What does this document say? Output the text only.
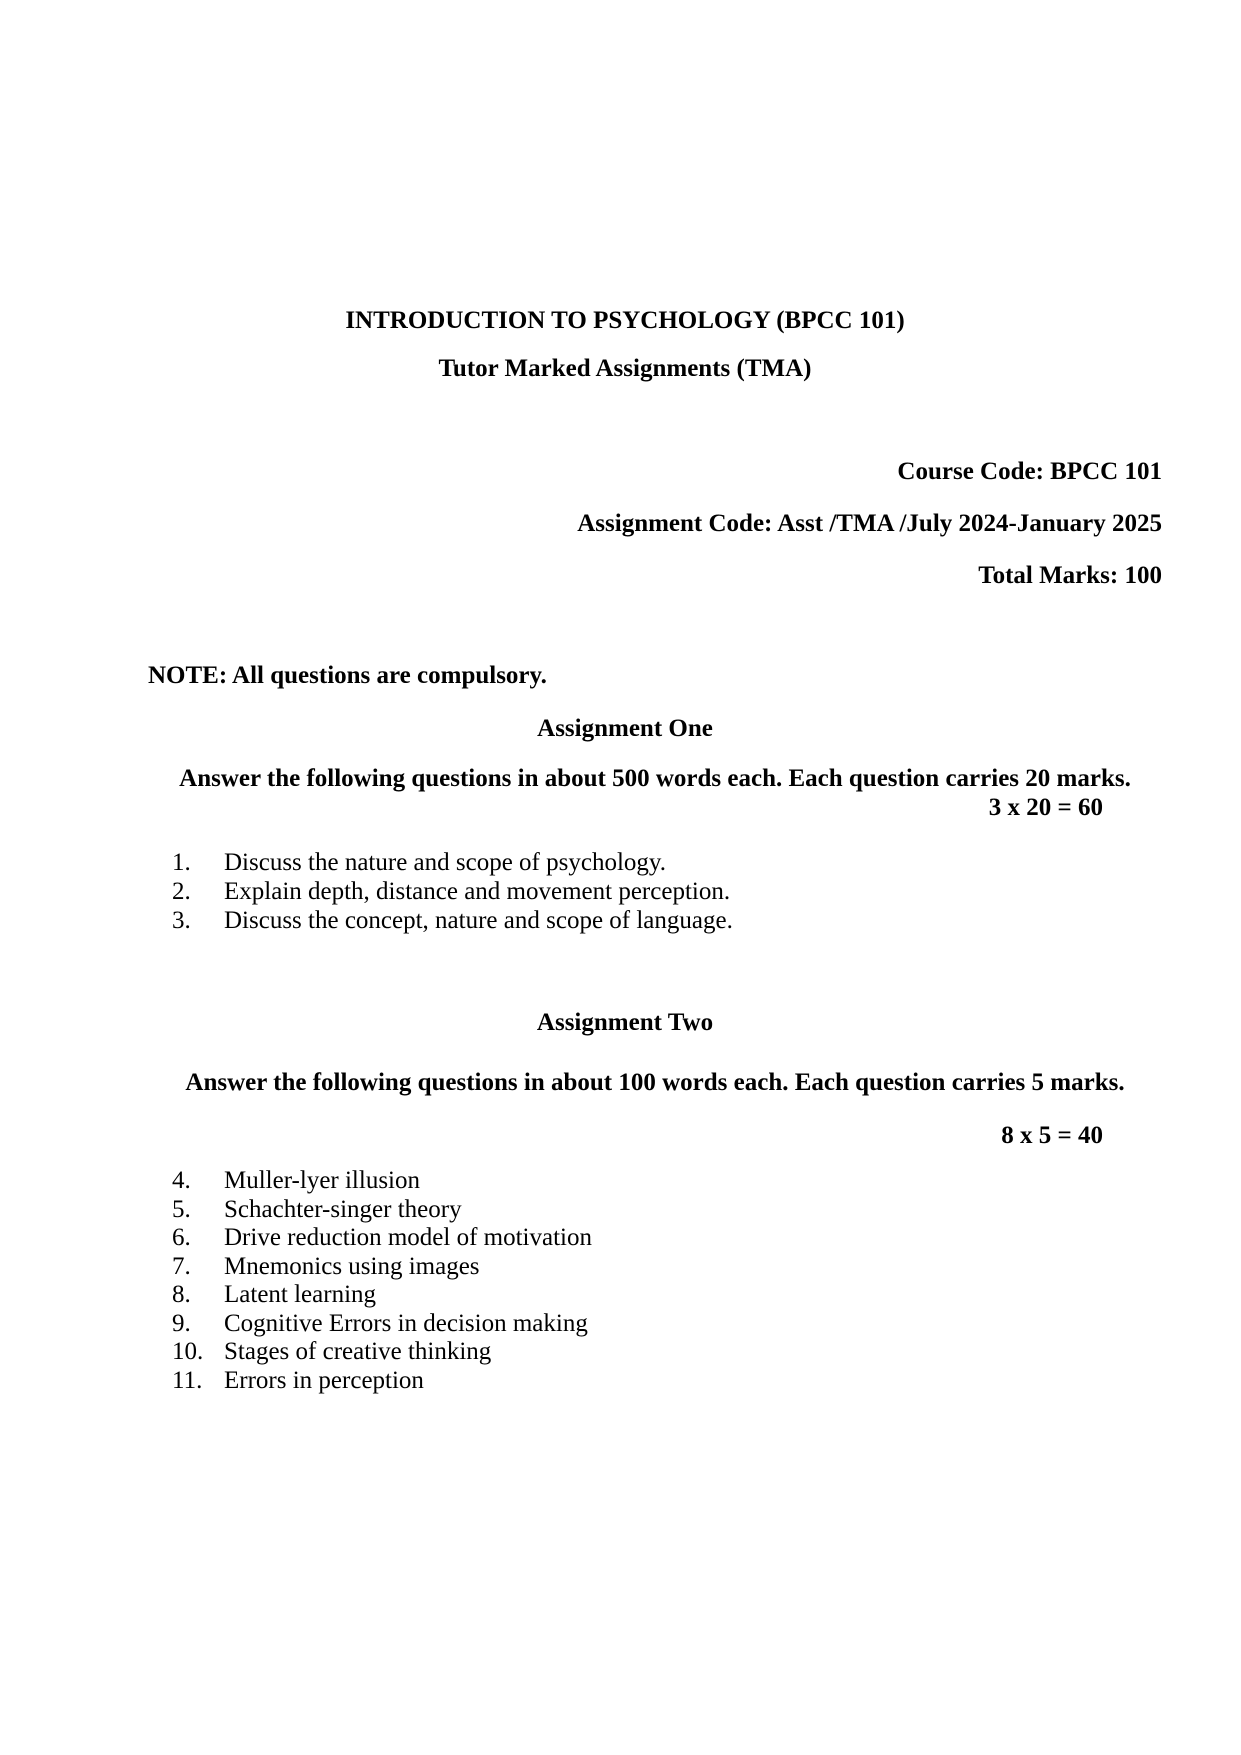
INTRODUCTION TO PSYCHOLOGY (BPCC 101)
Tutor Marked Assignments (TMA)
Course Code: BPCC 101
Assignment Code: Asst /TMA /July 2024-January 2025
Total Marks: 100
NOTE: All questions are compulsory.
Assignment One
Answer the following questions in about 500 words each. Each question carries 20 marks.
3 x 20 = 60
1.	Discuss the nature and scope of psychology.
2.	Explain depth, distance and movement perception.
3.	Discuss the concept, nature and scope of language.
Assignment Two
Answer the following questions in about 100 words each. Each question carries 5 marks.
8 x 5 = 40
4.	Muller-lyer illusion
5.	Schachter-singer theory
6.	Drive reduction model of motivation
7.	Mnemonics using images
8.	Latent learning
9.	Cognitive Errors in decision making
10. Stages of creative thinking
11. Errors in perception
